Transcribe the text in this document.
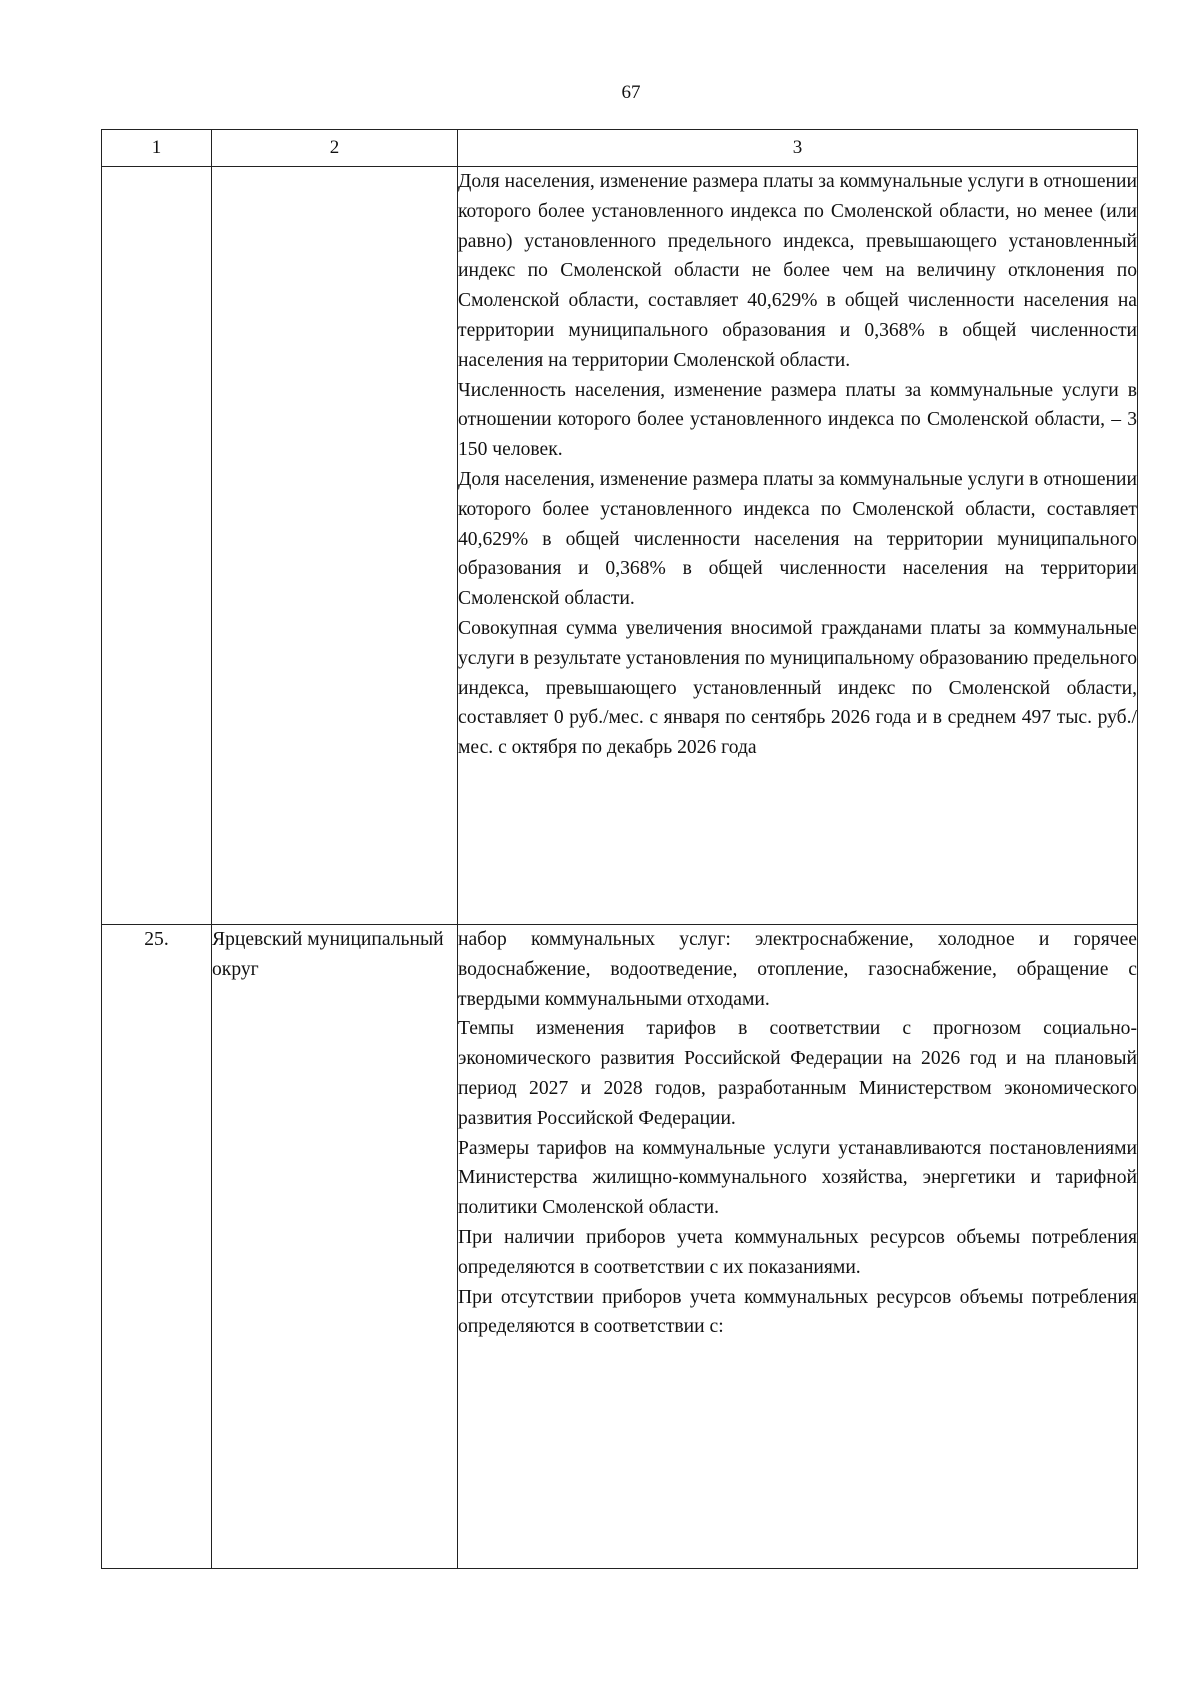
67
1	2	3

		Доля населения, изменение размера платы за коммунальные услуги в отношении которого более установленного индекса по Смоленской области, но менее (или равно) установленного предельного индекса, превышающего установленный индекс по Смоленской области не более чем на величину отклонения по Смоленской области, составляет 40,629% в общей численности населения на территории муниципального образования и 0,368% в общей численности населения на территории Смоленской области.

Численность населения, изменение размера платы за коммунальные услуги в отношении которого более установленного индекса по Смоленской области, – 3 150 человек.

Доля населения, изменение размера платы за коммунальные услуги в отношении которого более установленного индекса по Смоленской области, составляет 40,629% в общей численности населения на территории муниципального образования и 0,368% в общей численности населения на территории Смоленской области.

Совокупная сумма увеличения вносимой гражданами платы за коммунальные услуги в результате установления по муниципальному образованию предельного индекса, превышающего установленный индекс по Смоленской области, составляет 0 руб./мес. с января по сентябрь 2026 года и в среднем 497 тыс. руб./мес. с октября по декабрь 2026 года

25.	Ярцевский муниципальный округ	набор коммунальных услуг: электроснабжение, холодное и горячее водоснабжение, водоотведение, отопление, газоснабжение, обращение с твердыми коммунальными отходами.

Темпы изменения тарифов в соответствии с прогнозом социально-экономического развития Российской Федерации на 2026 год и на плановый период 2027 и 2028 годов, разработанным Министерством экономического развития Российской Федерации.

Размеры тарифов на коммунальные услуги устанавливаются постановлениями Министерства жилищно-коммунального хозяйства, энергетики и тарифной политики Смоленской области.

При наличии приборов учета коммунальных ресурсов объемы потребления определяются в соответствии с их показаниями.

При отсутствии приборов учета коммунальных ресурсов объемы потребления определяются в соответствии с:
